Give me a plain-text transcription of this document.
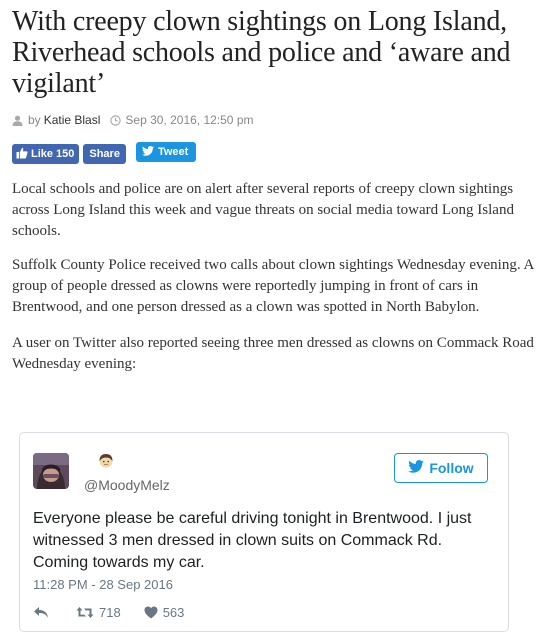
With creepy clown sightings on Long Island, Riverhead schools and police and ‘aware and vigilant’
by Katie Blasl Sep 30, 2016, 12:50 pm
Like 150	Share	Tweet

Local schools and police are on alert after several reports of creepy clown sightings across Long Island this week and vague threats on social media toward Long Island schools.

Suffolk County Police received two calls about clown sightings Wednesday evening. A group of people dressed as clowns were reportedly jumping in front of cars in Brentwood, and one person dressed as a clown was spotted in North Babylon.

A user on Twitter also reported seeing three men dressed as clowns on Commack Road Wednesday evening:

@MoodyMelz
Follow

Everyone please be careful driving tonight in Brentwood. I just witnessed 3 men dressed in clown suits on Commack Rd. Coming towards my car.

11:28 PM - 28 Sep 2016
718	563
